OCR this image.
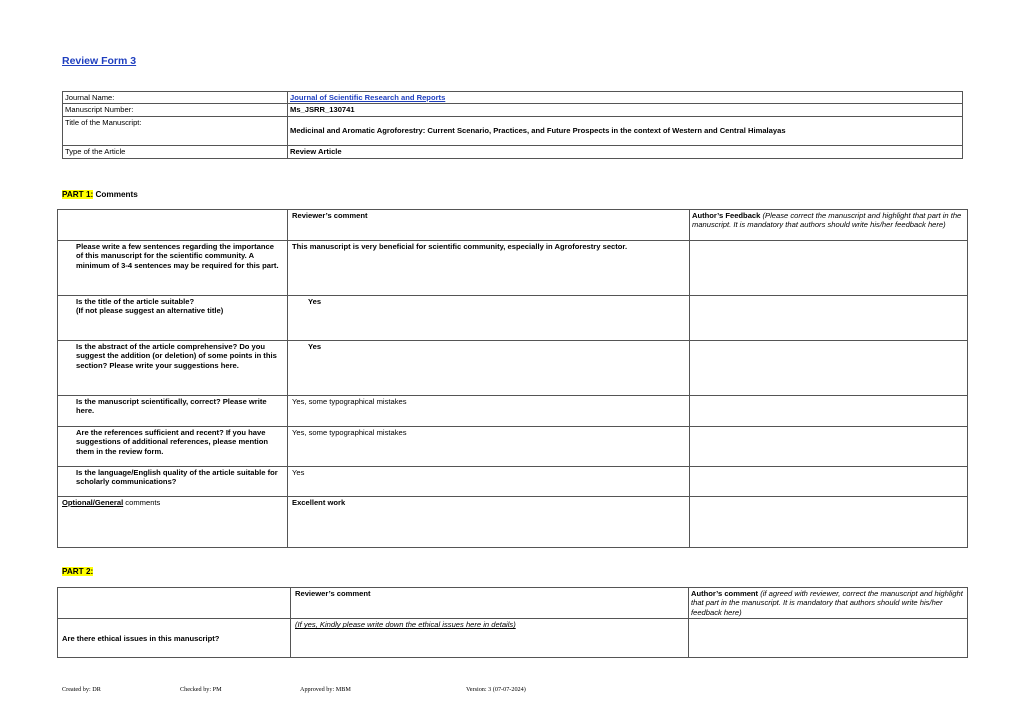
Review Form 3
Journal Name:	Journal of Scientific Research and Reports
Manuscript Number:	Ms_JSRR_130741
Title of the Manuscript:	Medicinal and Aromatic Agroforestry: Current Scenario, Practices, and Future Prospects in the context of Western and Central Himalayas
Type of the Article	Review Article
PART 1: Comments
	Reviewer’s comment	Author’s Feedback (Please correct the manuscript and highlight that part in the manuscript. It is mandatory that authors should write his/her feedback here)
Please write a few sentences regarding the importance of this manuscript for the scientific community. A minimum of 3-4 sentences may be required for this part.	This manuscript is very beneficial for scientific community, especially in Agroforestry sector.	

Is the title of the article suitable?
(If not please suggest an alternative title)	Yes	
Is the abstract of the article comprehensive? Do you suggest the addition (or deletion) of some points in this section? Please write your suggestions here.	Yes	
Is the manuscript scientifically, correct? Please write here.	Yes, some typographical mistakes	
Are the references sufficient and recent? If you have suggestions of additional references, please mention them in the review form.	Yes, some typographical mistakes	
Is the language/English quality of the article suitable for scholarly communications?	Yes	
Optional/General comments	Excellent work	
PART 2:
	Reviewer’s comment	Author’s comment (if agreed with reviewer, correct the manuscript and highlight that part in the manuscript. It is mandatory that authors should write his/her feedback here)
Are there ethical issues in this manuscript?	(If yes, Kindly please write down the ethical issues here in details)	
Created by: DR	Checked by: PM	Approved by: MBM	Version: 3 (07-07-2024)
